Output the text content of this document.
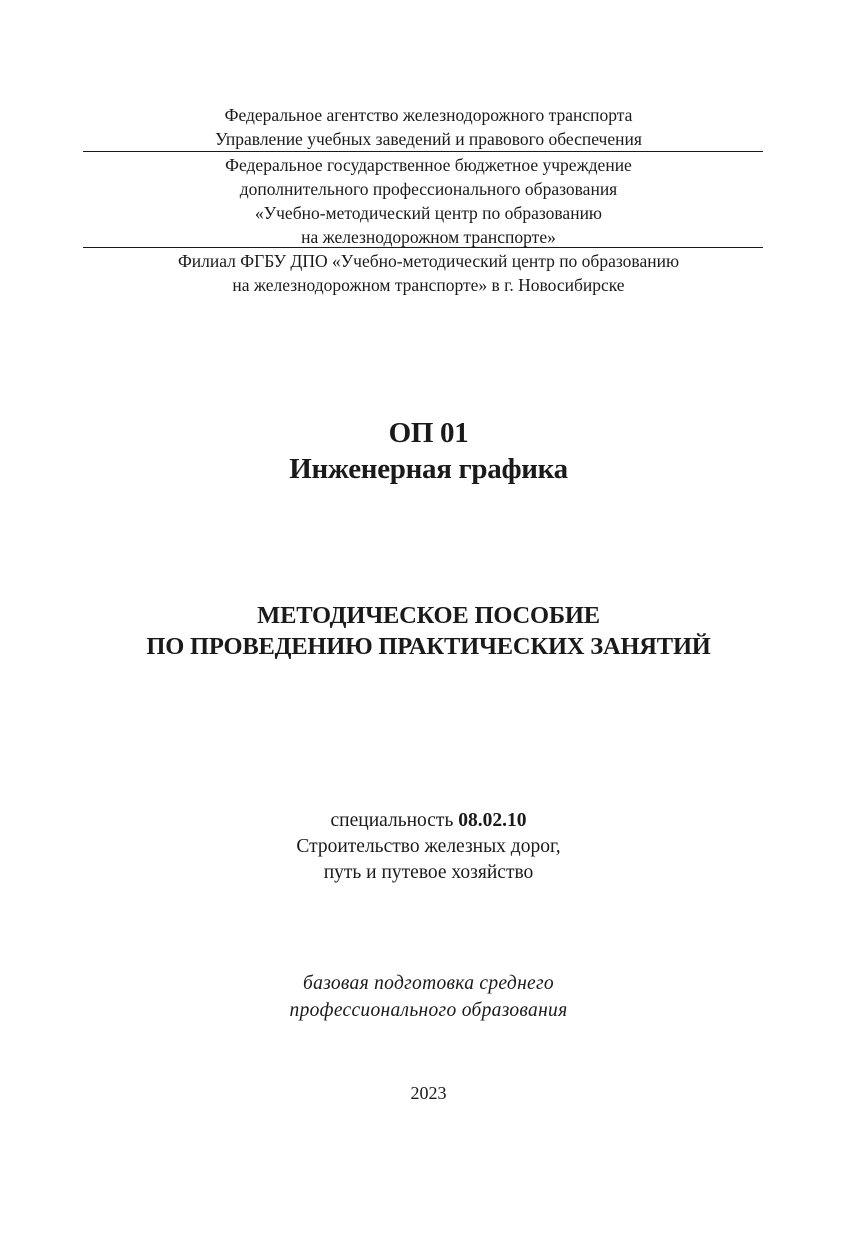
Федеральное агентство железнодорожного транспорта
Управление учебных заведений и правового обеспечения
Федеральное государственное бюджетное учреждение
дополнительного профессионального образования
«Учебно-методический центр по образованию
на железнодорожном транспорте»
Филиал ФГБУ ДПО «Учебно-методический центр по образованию
на железнодорожном транспорте» в г. Новосибирске
ОП 01
Инженерная графика
МЕТОДИЧЕСКОЕ ПОСОБИЕ
ПО ПРОВЕДЕНИЮ ПРАКТИЧЕСКИХ ЗАНЯТИЙ
специальность 08.02.10
Строительство железных дорог,
путь и путевое хозяйство
базовая подготовка среднего
профессионального образования
2023
